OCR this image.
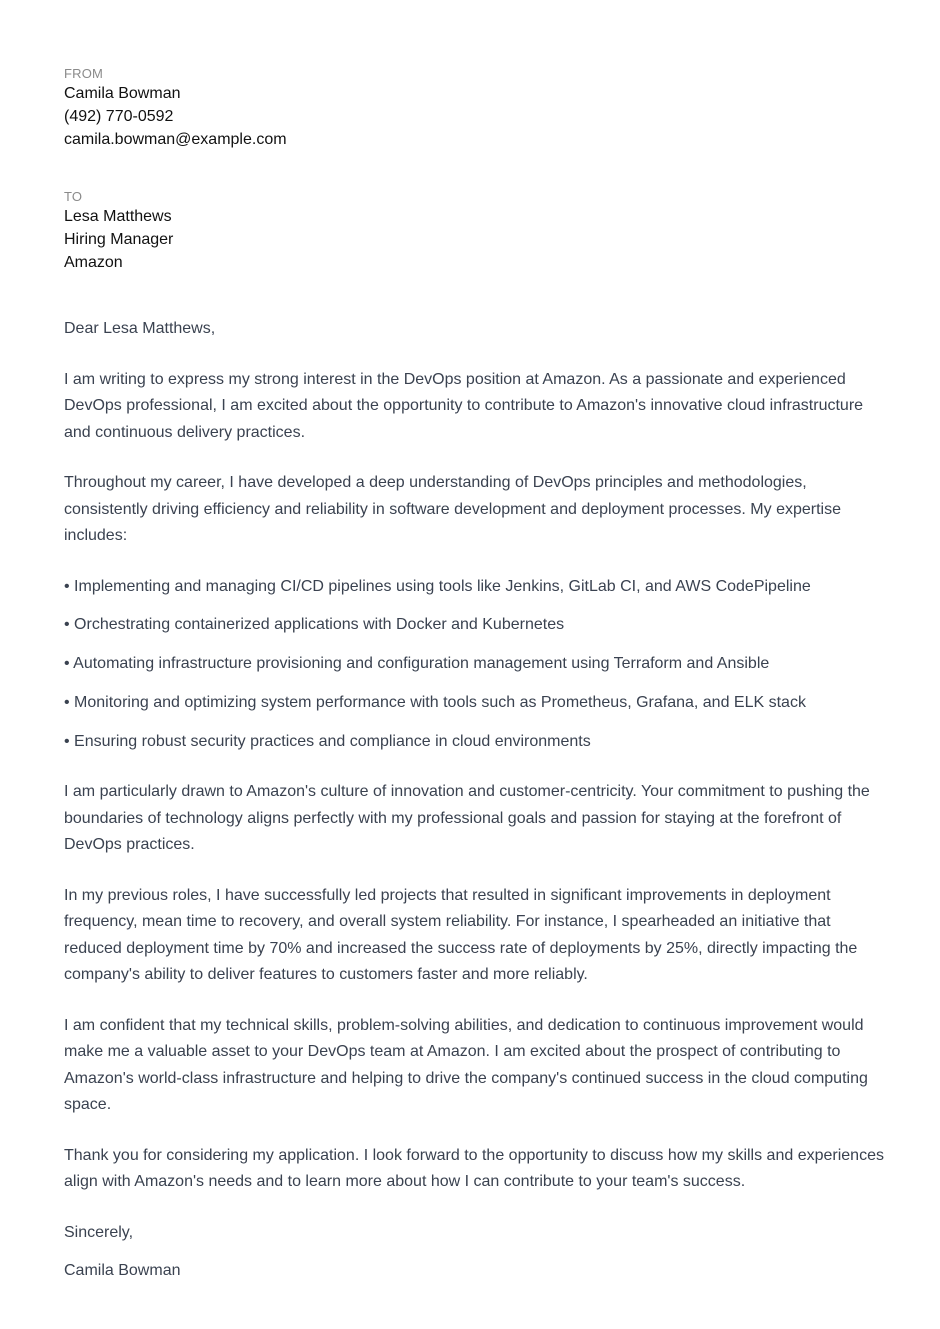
FROM

Camila Bowman

(492) 770-0592

camila.bowman@example.com

TO

Lesa Matthews

Hiring Manager

Amazon

Dear Lesa Matthews,

I am writing to express my strong interest in the DevOps position at Amazon. As a passionate and experienced DevOps professional, I am excited about the opportunity to contribute to Amazon's innovative cloud infrastructure and continuous delivery practices.

Throughout my career, I have developed a deep understanding of DevOps principles and methodologies, consistently driving efficiency and reliability in software development and deployment processes. My expertise includes:

• Implementing and managing CI/CD pipelines using tools like Jenkins, GitLab CI, and AWS CodePipeline
• Orchestrating containerized applications with Docker and Kubernetes
• Automating infrastructure provisioning and configuration management using Terraform and Ansible
• Monitoring and optimizing system performance with tools such as Prometheus, Grafana, and ELK stack
• Ensuring robust security practices and compliance in cloud environments

I am particularly drawn to Amazon's culture of innovation and customer-centricity. Your commitment to pushing the boundaries of technology aligns perfectly with my professional goals and passion for staying at the forefront of DevOps practices.

In my previous roles, I have successfully led projects that resulted in significant improvements in deployment frequency, mean time to recovery, and overall system reliability. For instance, I spearheaded an initiative that reduced deployment time by 70% and increased the success rate of deployments by 25%, directly impacting the company's ability to deliver features to customers faster and more reliably.

I am confident that my technical skills, problem-solving abilities, and dedication to continuous improvement would make me a valuable asset to your DevOps team at Amazon. I am excited about the prospect of contributing to Amazon's world-class infrastructure and helping to drive the company's continued success in the cloud computing space.

Thank you for considering my application. I look forward to the opportunity to discuss how my skills and experiences align with Amazon's needs and to learn more about how I can contribute to your team's success.

Sincerely,

Camila Bowman
